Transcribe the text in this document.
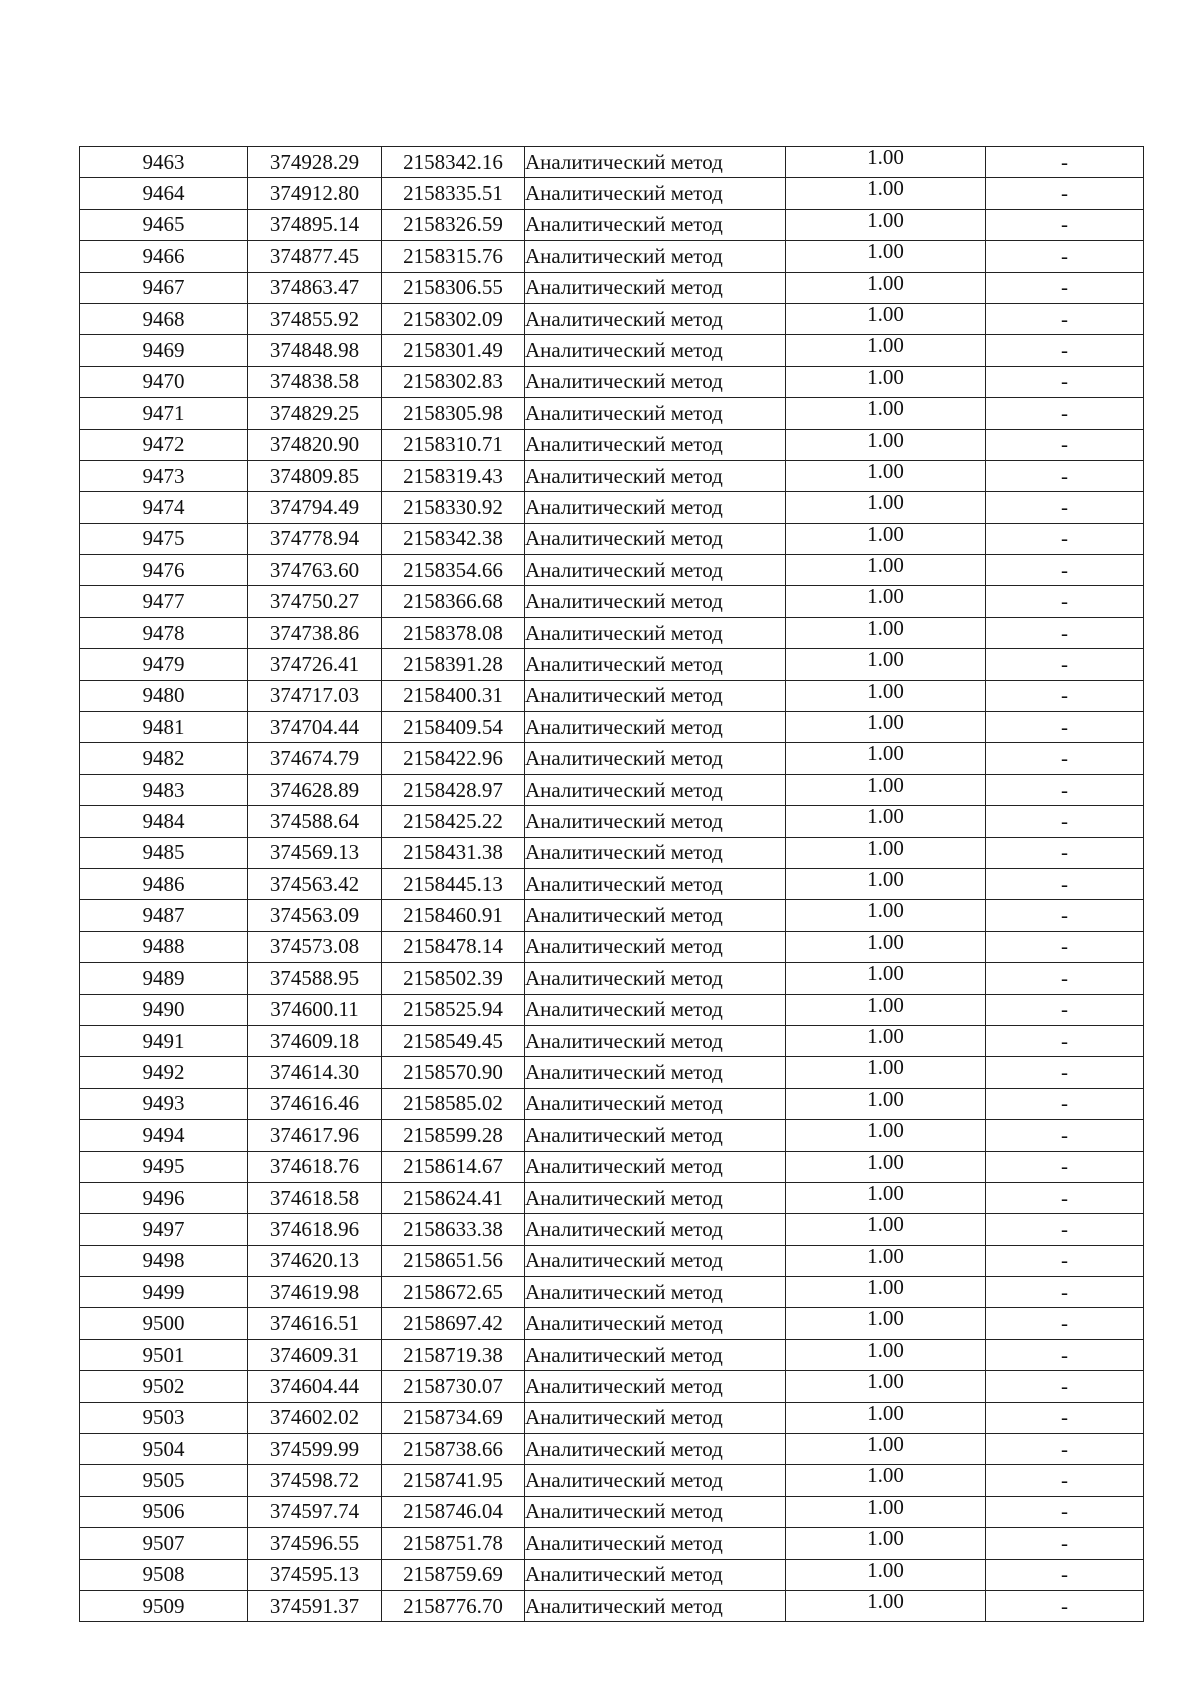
9463	374928.29	2158342.16	Аналитический метод	1.00	-
9464	374912.80	2158335.51	Аналитический метод	1.00	-
9465	374895.14	2158326.59	Аналитический метод	1.00	-
9466	374877.45	2158315.76	Аналитический метод	1.00	-
9467	374863.47	2158306.55	Аналитический метод	1.00	-
9468	374855.92	2158302.09	Аналитический метод	1.00	-
9469	374848.98	2158301.49	Аналитический метод	1.00	-
9470	374838.58	2158302.83	Аналитический метод	1.00	-
9471	374829.25	2158305.98	Аналитический метод	1.00	-
9472	374820.90	2158310.71	Аналитический метод	1.00	-
9473	374809.85	2158319.43	Аналитический метод	1.00	-
9474	374794.49	2158330.92	Аналитический метод	1.00	-
9475	374778.94	2158342.38	Аналитический метод	1.00	-
9476	374763.60	2158354.66	Аналитический метод	1.00	-
9477	374750.27	2158366.68	Аналитический метод	1.00	-
9478	374738.86	2158378.08	Аналитический метод	1.00	-
9479	374726.41	2158391.28	Аналитический метод	1.00	-
9480	374717.03	2158400.31	Аналитический метод	1.00	-
9481	374704.44	2158409.54	Аналитический метод	1.00	-
9482	374674.79	2158422.96	Аналитический метод	1.00	-
9483	374628.89	2158428.97	Аналитический метод	1.00	-
9484	374588.64	2158425.22	Аналитический метод	1.00	-
9485	374569.13	2158431.38	Аналитический метод	1.00	-
9486	374563.42	2158445.13	Аналитический метод	1.00	-
9487	374563.09	2158460.91	Аналитический метод	1.00	-
9488	374573.08	2158478.14	Аналитический метод	1.00	-
9489	374588.95	2158502.39	Аналитический метод	1.00	-
9490	374600.11	2158525.94	Аналитический метод	1.00	-
9491	374609.18	2158549.45	Аналитический метод	1.00	-
9492	374614.30	2158570.90	Аналитический метод	1.00	-
9493	374616.46	2158585.02	Аналитический метод	1.00	-
9494	374617.96	2158599.28	Аналитический метод	1.00	-
9495	374618.76	2158614.67	Аналитический метод	1.00	-
9496	374618.58	2158624.41	Аналитический метод	1.00	-
9497	374618.96	2158633.38	Аналитический метод	1.00	-
9498	374620.13	2158651.56	Аналитический метод	1.00	-
9499	374619.98	2158672.65	Аналитический метод	1.00	-
9500	374616.51	2158697.42	Аналитический метод	1.00	-
9501	374609.31	2158719.38	Аналитический метод	1.00	-
9502	374604.44	2158730.07	Аналитический метод	1.00	-
9503	374602.02	2158734.69	Аналитический метод	1.00	-
9504	374599.99	2158738.66	Аналитический метод	1.00	-
9505	374598.72	2158741.95	Аналитический метод	1.00	-
9506	374597.74	2158746.04	Аналитический метод	1.00	-
9507	374596.55	2158751.78	Аналитический метод	1.00	-
9508	374595.13	2158759.69	Аналитический метод	1.00	-
9509	374591.37	2158776.70	Аналитический метод	1.00	-
